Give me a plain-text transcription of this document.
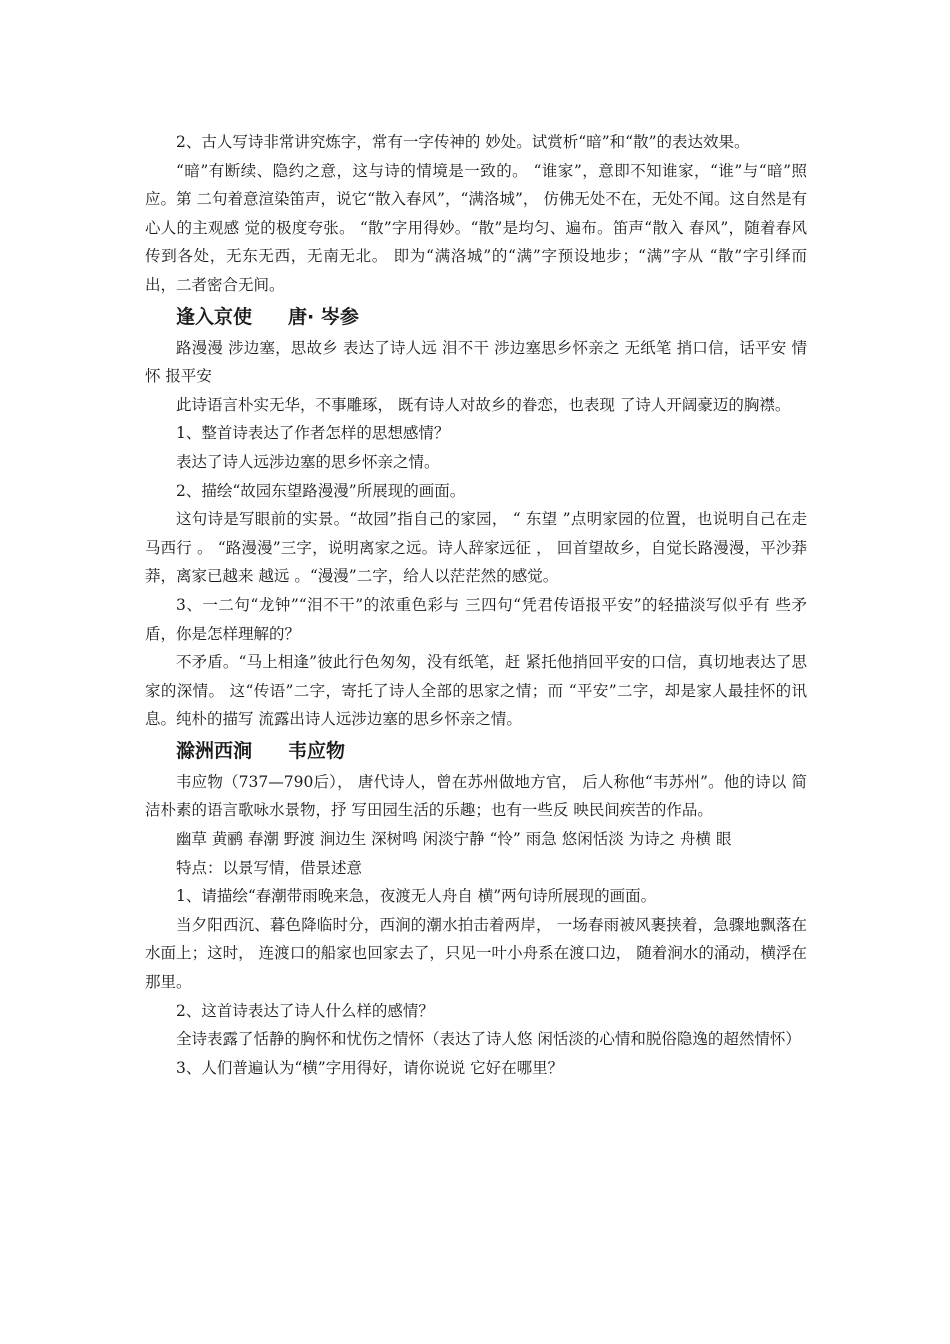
2、古人写诗非常讲究炼字，常有一字传神的 妙处。试赏析“暗”和“散”的表达效果。

“暗”有断续、隐约之意，这与诗的情境是一致的。 “谁家”，意即不知谁家，“谁”与“暗”照应。第 二句着意渲染笛声，说它“散入春风”，“满洛城”， 仿佛无处不在，无处不闻。这自然是有心人的主观感 觉的极度夸张。 “散”字用得妙。“散”是均匀、遍布。笛声“散入 春风”，随着春风传到各处，无东无西，无南无北。 即为“满洛城”的“满”字预设地步；“满”字从 “散”字引绎而出，二者密合无间。

逢入京使 唐· 岑参

路漫漫 涉边塞，思故乡 表达了诗人远 泪不干 涉边塞思乡怀亲之 无纸笔 捎口信，话平安 情怀 报平安

此诗语言朴实无华，不事雕琢， 既有诗人对故乡的眷恋，也表现 了诗人开阔豪迈的胸襟。

1、整首诗表达了作者怎样的思想感情？

表达了诗人远涉边塞的思乡怀亲之情。

2、描绘“故园东望路漫漫”所展现的画面。

这句诗是写眼前的实景。“故园”指自己的家园， “ 东望 ”点明家园的位置，也说明自己在走马西行 。 “路漫漫”三字，说明离家之远。诗人辞家远征 ， 回首望故乡，自觉长路漫漫，平沙莽莽，离家已越来 越远 。“漫漫”二字，给人以茫茫然的感觉。

3、一二句“龙钟”“泪不干”的浓重色彩与 三四句“凭君传语报平安”的轻描淡写似乎有 些矛盾，你是怎样理解的？

不矛盾。“马上相逢”彼此行色匆匆，没有纸笔，赶 紧托他捎回平安的口信，真切地表达了思家的深情。 这“传语”二字，寄托了诗人全部的思家之情；而 “平安”二字，却是家人最挂怀的讯息。纯朴的描写 流露出诗人远涉边塞的思乡怀亲之情。

滁洲西涧 韦应物

韦应物（737—790后）， 唐代诗人，曾在苏州做地方官， 后人称他“韦苏州”。他的诗以 简洁朴素的语言歌咏水景物，抒 写田园生活的乐趣；也有一些反 映民间疾苦的作品。

幽草 黄鹂 春潮 野渡 涧边生 深树鸣 闲淡宁静 “怜” 雨急 悠闲恬淡 为诗之 舟横 眼

特点：以景写情，借景述意

1、请描绘“春潮带雨晚来急，夜渡无人舟自 横”两句诗所展现的画面。

当夕阳西沉、暮色降临时分，西涧的潮水拍击着两岸， 一场春雨被风裹挟着，急骤地飘落在水面上；这时， 连渡口的船家也回家去了，只见一叶小舟系在渡口边， 随着涧水的涌动，横浮在那里。

2、这首诗表达了诗人什么样的感情？

全诗表露了恬静的胸怀和忧伤之情怀（表达了诗人悠 闲恬淡的心情和脱俗隐逸的超然情怀）

3、人们普遍认为“横”字用得好，请你说说 它好在哪里？
